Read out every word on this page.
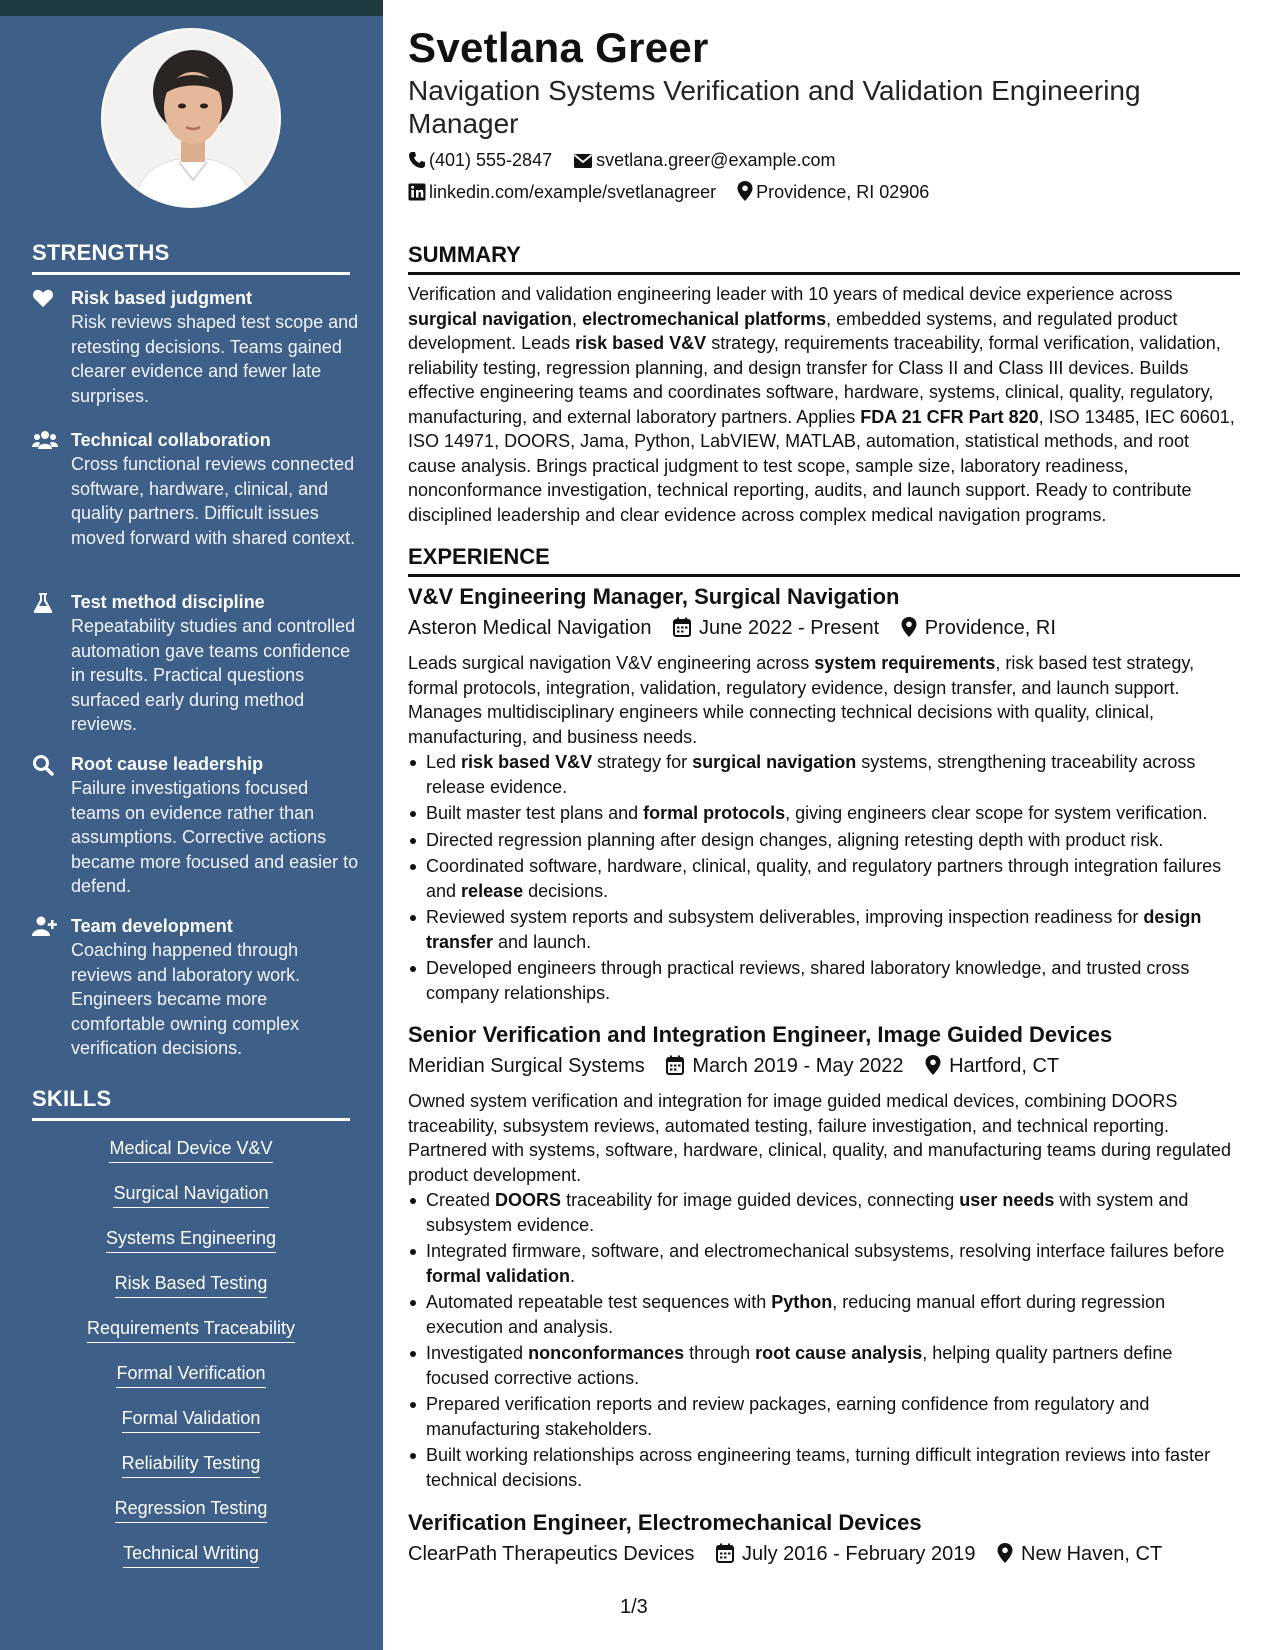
STRENGTHS
Risk based judgment
Risk reviews shaped test scope and retesting decisions. Teams gained clearer evidence and fewer late surprises.
Technical collaboration
Cross functional reviews connected software, hardware, clinical, and quality partners. Difficult issues moved forward with shared context.
Test method discipline
Repeatability studies and controlled automation gave teams confidence in results. Practical questions surfaced early during method reviews.
Root cause leadership
Failure investigations focused teams on evidence rather than assumptions. Corrective actions became more focused and easier to defend.
Team development
Coaching happened through reviews and laboratory work. Engineers became more comfortable owning complex verification decisions.
SKILLS
Medical Device V&V
Surgical Navigation
Systems Engineering
Risk Based Testing
Requirements Traceability
Formal Verification
Formal Validation
Reliability Testing
Regression Testing
Technical Writing
Svetlana Greer
Navigation Systems Verification and Validation Engineering Manager
(401) 555-2847 svetlana.greer@example.com
linkedin.com/example/svetlanagreer Providence, RI 02906
SUMMARY
Verification and validation engineering leader with 10 years of medical device experience across surgical navigation, electromechanical platforms, embedded systems, and regulated product development. Leads risk based V&V strategy, requirements traceability, formal verification, validation, reliability testing, regression planning, and design transfer for Class II and Class III devices. Builds effective engineering teams and coordinates software, hardware, systems, clinical, quality, regulatory, manufacturing, and external laboratory partners. Applies FDA 21 CFR Part 820, ISO 13485, IEC 60601, ISO 14971, DOORS, Jama, Python, LabVIEW, MATLAB, automation, statistical methods, and root cause analysis. Brings practical judgment to test scope, sample size, laboratory readiness, nonconformance investigation, technical reporting, audits, and launch support. Ready to contribute disciplined leadership and clear evidence across complex medical navigation programs.
EXPERIENCE
V&V Engineering Manager, Surgical Navigation
Asteron Medical Navigation June 2022 - Present Providence, RI
Leads surgical navigation V&V engineering across system requirements, risk based test strategy, formal protocols, integration, validation, regulatory evidence, design transfer, and launch support. Manages multidisciplinary engineers while connecting technical decisions with quality, clinical, manufacturing, and business needs.
Led risk based V&V strategy for surgical navigation systems, strengthening traceability across release evidence.
Built master test plans and formal protocols, giving engineers clear scope for system verification.
Directed regression planning after design changes, aligning retesting depth with product risk.
Coordinated software, hardware, clinical, quality, and regulatory partners through integration failures and release decisions.
Reviewed system reports and subsystem deliverables, improving inspection readiness for design transfer and launch.
Developed engineers through practical reviews, shared laboratory knowledge, and trusted cross company relationships.
Senior Verification and Integration Engineer, Image Guided Devices
Meridian Surgical Systems March 2019 - May 2022 Hartford, CT
Owned system verification and integration for image guided medical devices, combining DOORS traceability, subsystem reviews, automated testing, failure investigation, and technical reporting. Partnered with systems, software, hardware, clinical, quality, and manufacturing teams during regulated product development.
Created DOORS traceability for image guided devices, connecting user needs with system and subsystem evidence.
Integrated firmware, software, and electromechanical subsystems, resolving interface failures before formal validation.
Automated repeatable test sequences with Python, reducing manual effort during regression execution and analysis.
Investigated nonconformances through root cause analysis, helping quality partners define focused corrective actions.
Prepared verification reports and review packages, earning confidence from regulatory and manufacturing stakeholders.
Built working relationships across engineering teams, turning difficult integration reviews into faster technical decisions.
Verification Engineer, Electromechanical Devices
ClearPath Therapeutics Devices July 2016 - February 2019 New Haven, CT
1/3
